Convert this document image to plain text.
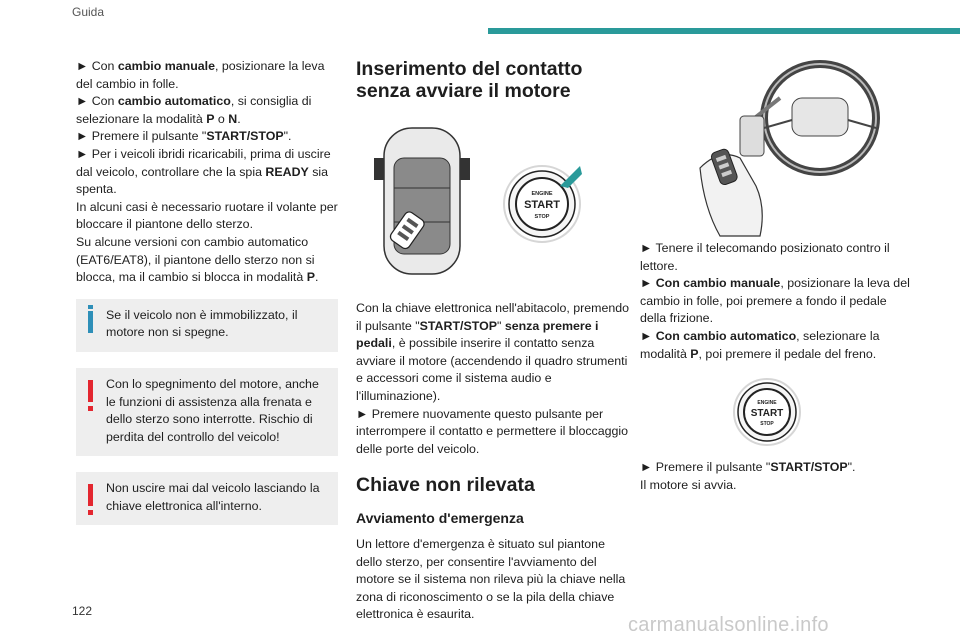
Guida

► Con cambio manuale, posizionare la leva del cambio in folle.

► Con cambio automatico, si consiglia di selezionare la modalità P o N.

► Premere il pulsante "START/STOP".

► Per i veicoli ibridi ricaricabili, prima di uscire dal veicolo, controllare che la spia READY sia spenta.

In alcuni casi è necessario ruotare il volante per bloccare il piantone dello sterzo.

Su alcune versioni con cambio automatico (EAT6/EAT8), il piantone dello sterzo non si blocca, ma il cambio si blocca in modalità P.

Se il veicolo non è immobilizzato, il motore non si spegne.

Con lo spegnimento del motore, anche le funzioni di assistenza alla frenata e dello sterzo sono interrotte. Rischio di perdita del controllo del veicolo!

Non uscire mai dal veicolo lasciando la chiave elettronica all'interno.

Inserimento del contatto senza avviare il motore
ENGINE
START
STOP

Con la chiave elettronica nell'abitacolo, premendo il pulsante "START/STOP" senza premere i pedali, è possibile inserire il contatto senza avviare il motore (accendendo il quadro strumenti e accessori come il sistema audio e l'illuminazione).

► Premere nuovamente questo pulsante per interrompere il contatto e permettere il bloccaggio delle porte del veicolo.

Chiave non rilevata
Avviamento d'emergenza

Un lettore d'emergenza è situato sul piantone dello sterzo, per consentire l'avviamento del motore se il sistema non rileva più la chiave nella zona di riconoscimento o se la pila della chiave elettronica è esaurita.

► Tenere il telecomando posizionato contro il lettore.

► Con cambio manuale, posizionare la leva del cambio in folle, poi premere a fondo il pedale della frizione.

► Con cambio automatico, selezionare la modalità P, poi premere il pedale del freno.

ENGINE
START
STOP

► Premere il pulsante "START/STOP".

Il motore si avvia.

122
carmanualsonline.info
